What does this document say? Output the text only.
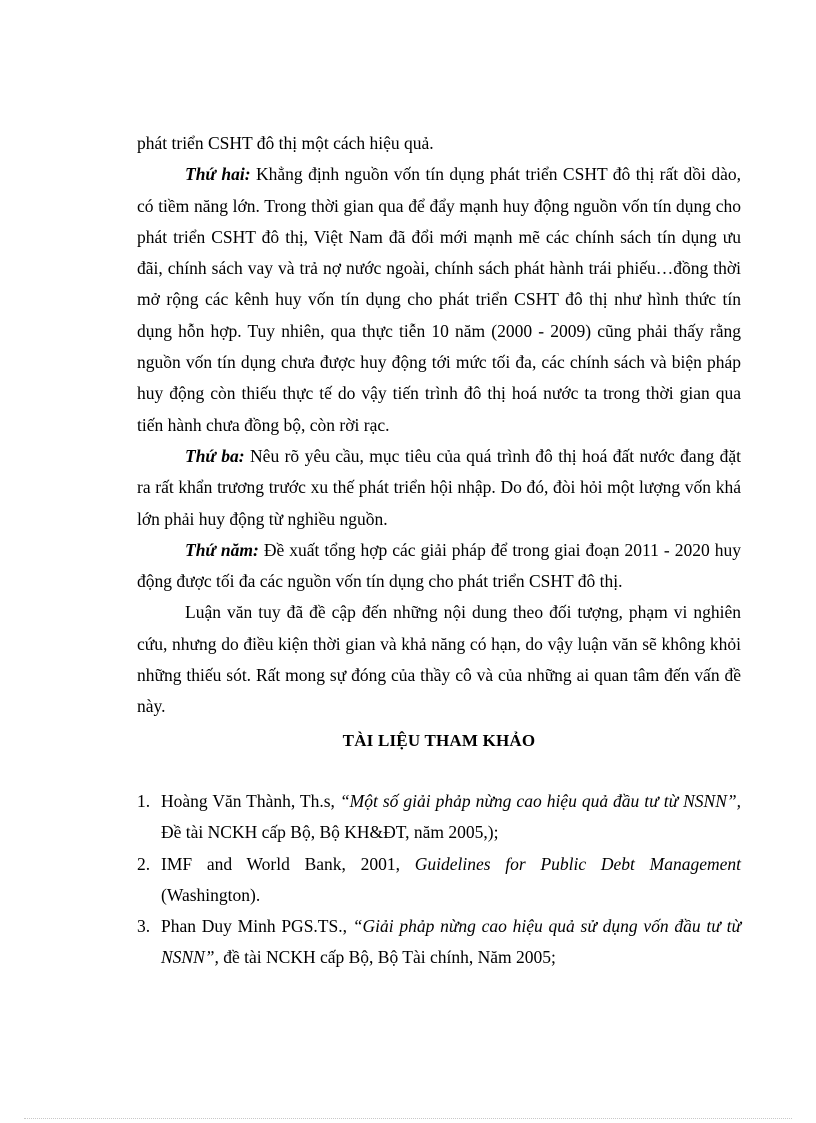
phát triển CSHT đô thị một cách hiệu quả.

Thứ hai: Khẳng định nguồn vốn tín dụng phát triển CSHT đô thị rất dồi dào, có tiềm năng lớn. Trong thời gian qua để đẩy mạnh huy động nguồn vốn tín dụng cho phát triển CSHT đô thị, Việt Nam đã đổi mới mạnh mẽ các chính sách tín dụng ưu đãi, chính sách vay và trả nợ nước ngoài, chính sách phát hành trái phiếu…đồng thời mở rộng các kênh huy vốn tín dụng cho phát triển CSHT đô thị như hình thức tín dụng hỗn hợp. Tuy nhiên, qua thực tiễn 10 năm (2000 - 2009) cũng phải thấy rằng nguồn vốn tín dụng chưa được huy động tới mức tối đa, các chính sách và biện pháp huy động còn thiếu thực tế do vậy tiến trình đô thị hoá nước ta trong thời gian qua tiến hành chưa đồng bộ, còn rời rạc.

Thứ ba: Nêu rõ yêu cầu, mục tiêu của quá trình đô thị hoá đất nước đang đặt ra rất khẩn trương trước xu thế phát triển hội nhập. Do đó, đòi hỏi một lượng vốn khá lớn phải huy động từ nghiều nguồn.

Thứ năm: Đề xuất tổng hợp các giải pháp để trong giai đoạn 2011 - 2020 huy động được tối đa các nguồn vốn tín dụng cho phát triển CSHT đô thị.

Luận văn tuy đã đề cập đến những nội dung theo đối tượng, phạm vi nghiên cứu, nhưng do điều kiện thời gian và khả năng có hạn, do vậy luận văn sẽ không khỏi những thiếu sót. Rất mong sự đóng của thầy cô và của những ai quan tâm đến vấn đề này.

TÀI LIỆU THAM KHẢO

1. Hoàng Văn Thành, Th.s, “Một số giải phảp nừng cao hiệu quả đầu tư từ NSNN”, Đề tài NCKH cấp Bộ, Bộ KH&ĐT, năm 2005,);
2. IMF and World Bank, 2001, Guidelines for Public Debt Management (Washington).
3. Phan Duy Minh PGS.TS., “Giải phảp nừng cao hiệu quả sử dụng vốn đầu tư từ NSNN”, đề tài NCKH cấp Bộ, Bộ Tài chính, Năm 2005;
